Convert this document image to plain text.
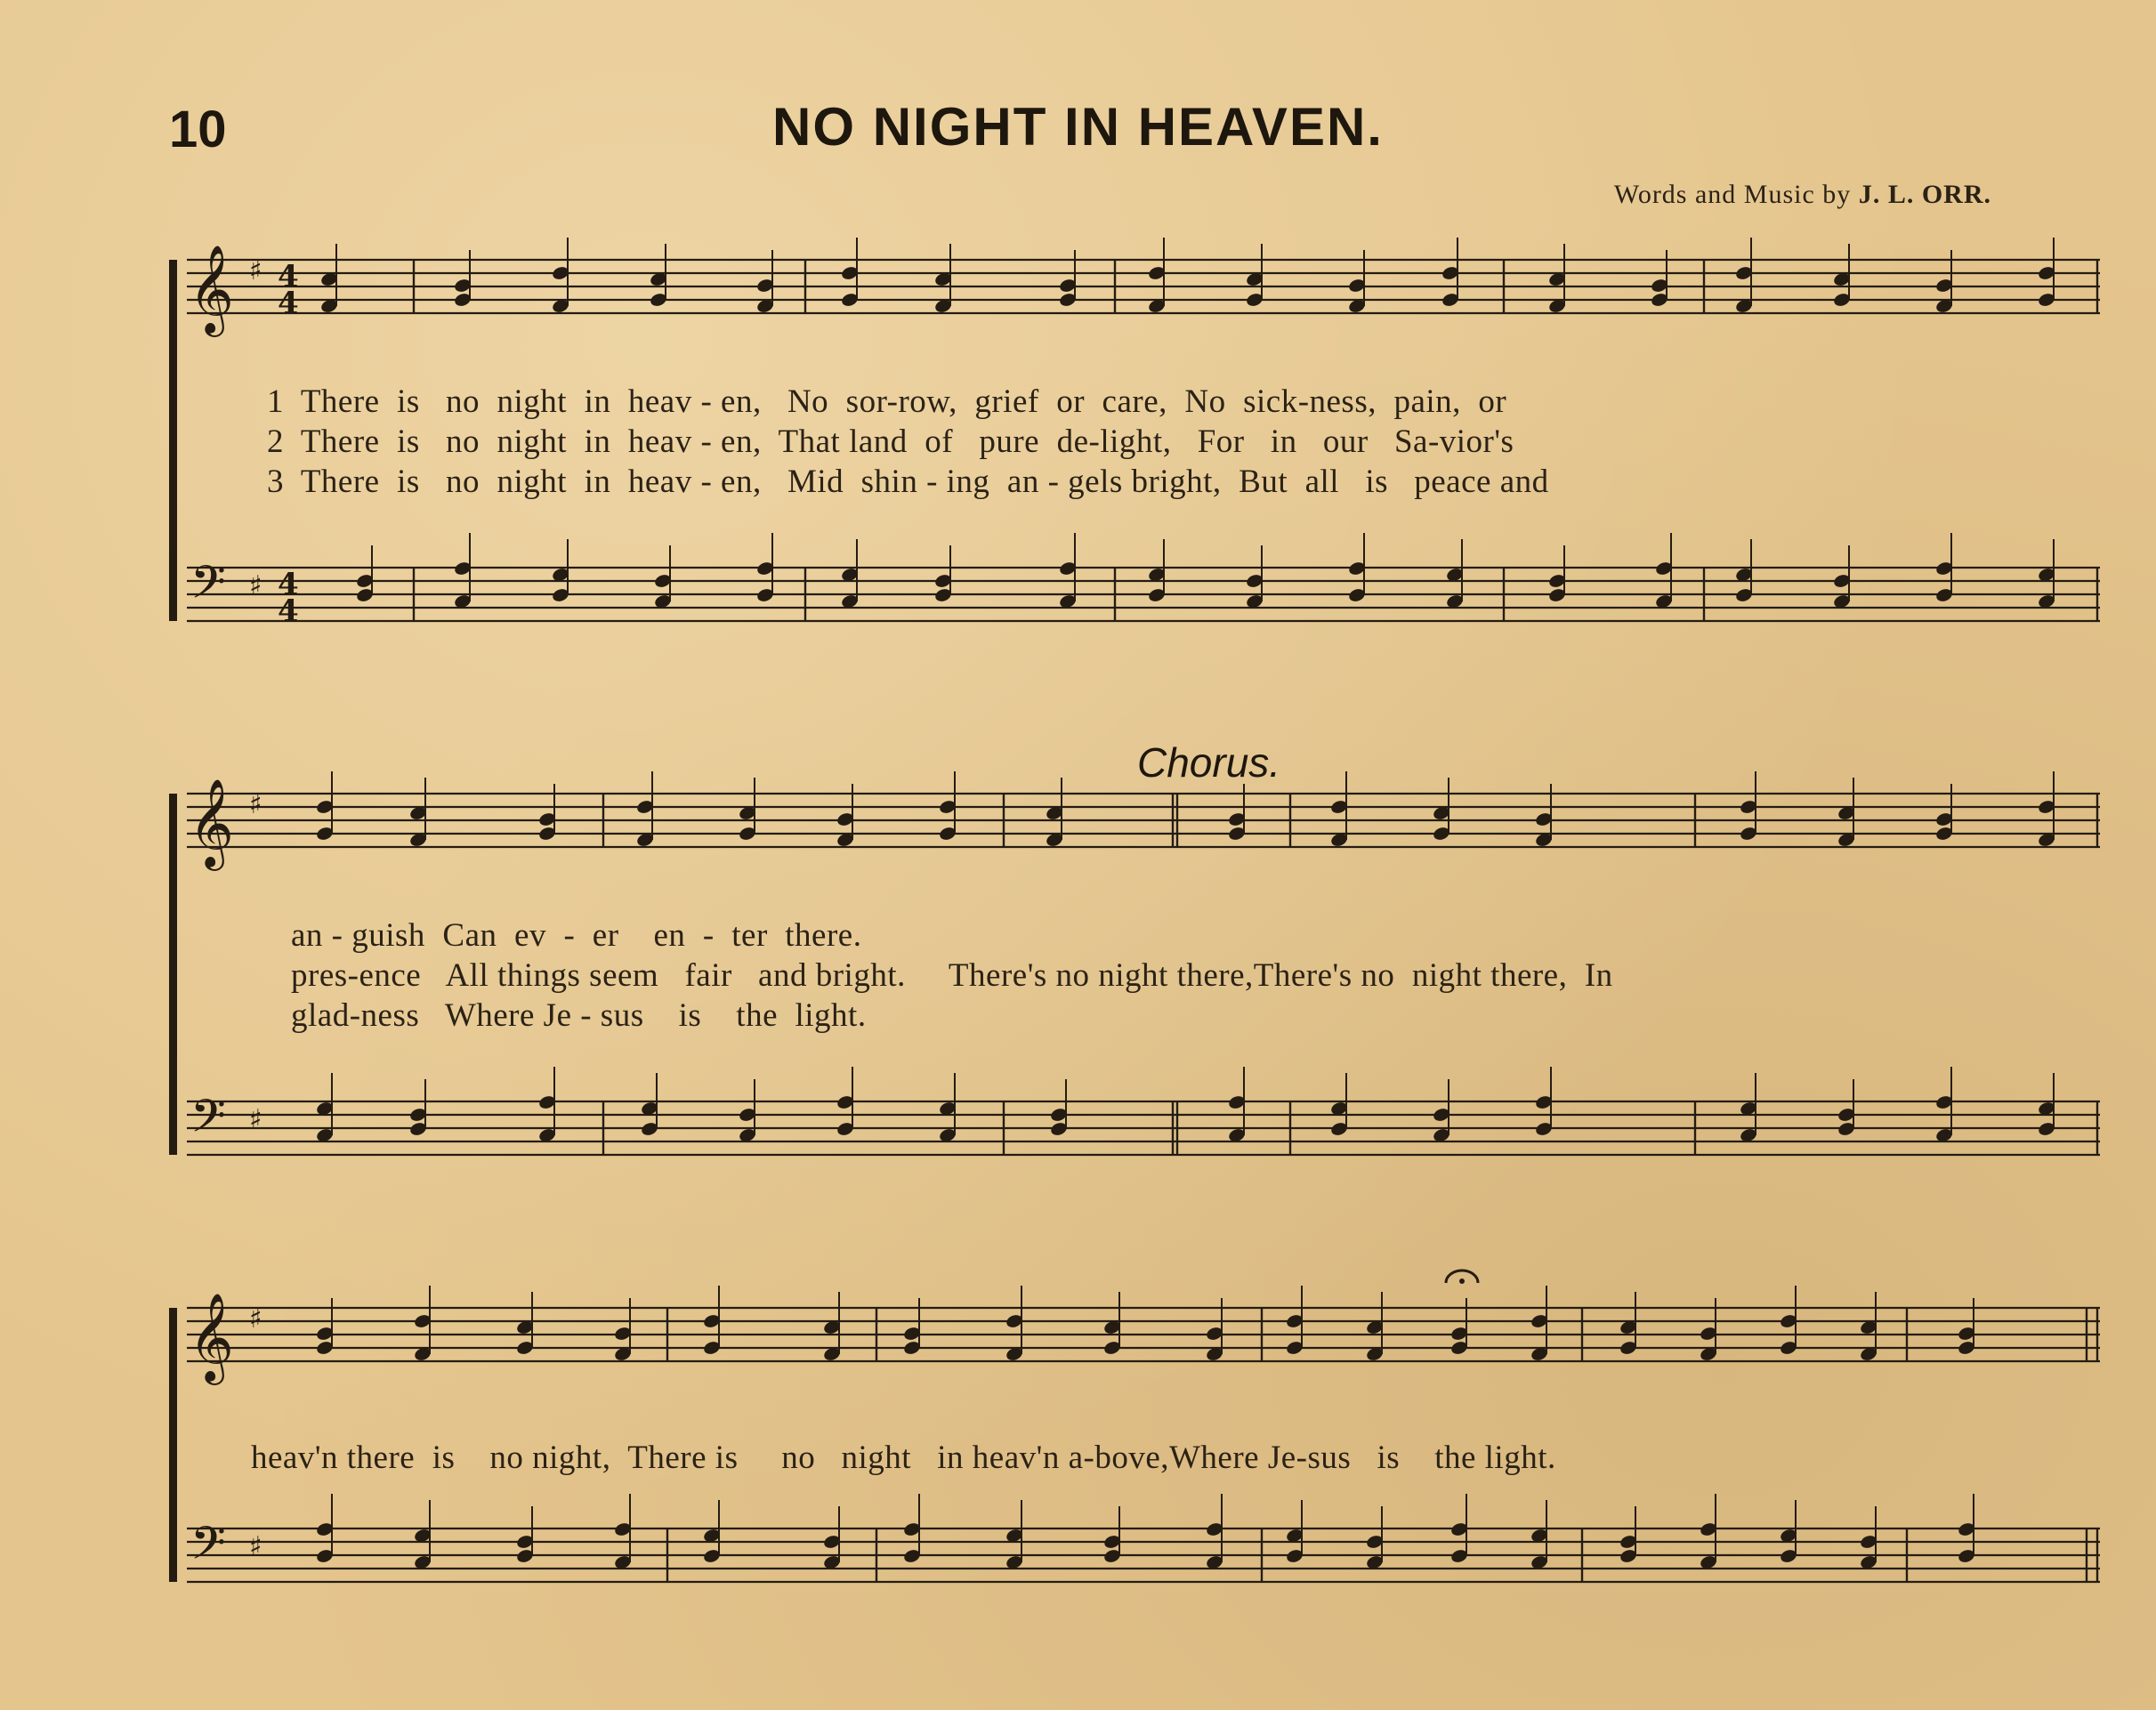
10	NO NIGHT IN HEAVEN.
Words and Music by J. L. ORR.
𝄞
𝄢
♯
♯
4
4
4
4
𝄞
𝄢
♯
♯
𝄞
𝄢
♯
♯
Chorus.
1  There  is   no  night  in  heav - en,   No  sor-row,  grief  or  care,  No  sick-ness,  pain,  or
2  There  is   no  night  in  heav - en,  That land  of   pure  de-light,   For   in   our   Sa-vior's
3  There  is   no  night  in  heav - en,   Mid  shin - ing  an - gels bright,  But  all   is   peace and
an - guish  Can  ev  -  er    en  -  ter  there.
pres-ence   All things seem   fair   and bright.     There's no night there,There's no  night there,  In
glad-ness   Where Je - sus    is    the  light.
heav'n there  is    no night,  There is     no   night   in heav'n a-bove,Where Je-sus   is    the light.
